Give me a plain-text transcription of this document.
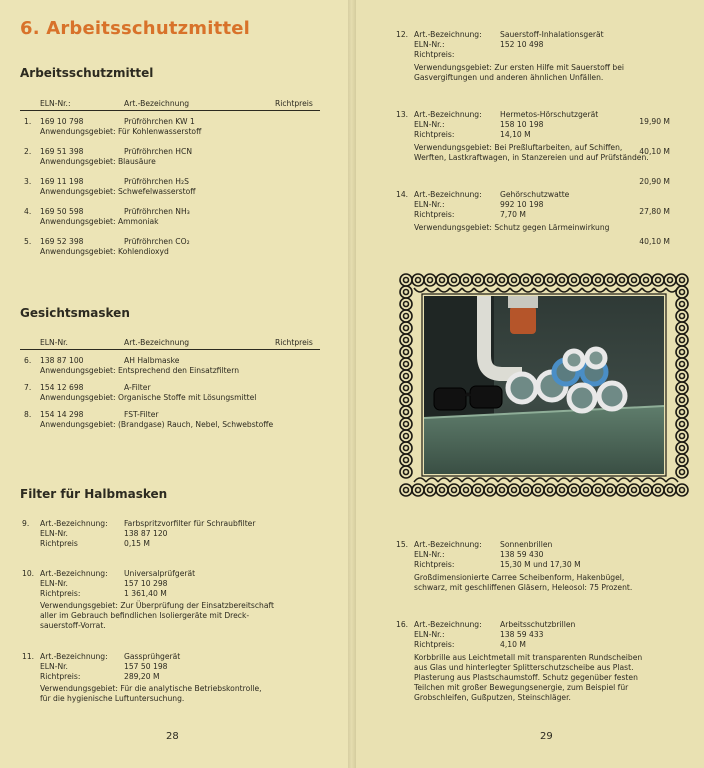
6. Arbeitsschutzmittel
Arbeitsschutzmittel
ELN-Nr.:	Art.-Bezeichnung	Richtpreis
1. 169 10 798	Prüfröhrchen KW 1	19,90 M
Anwendungsgebiet: Für Kohlenwasserstoff
2. 169 51 398	Prüfröhrchen HCN	40,10 M
Anwendungsgebiet: Blausäure
3. 169 11 198	Prüfröhrchen H₂S	20,90 M
Anwendungsgebiet: Schwefelwasserstoff
4. 169 50 598	Prüfröhrchen NH₃	27,80 M
Anwendungsgebiet: Ammoniak
5. 169 52 398	Prüfröhrchen CO₂	40,10 M
Anwendungsgebiet: Kohlendioxyd
Gesichtsmasken
ELN-Nr.	Art.-Bezeichnung	Richtpreis
6. 138 87 100	AH Halbmaske
Anwendungsgebiet: Entsprechend den Einsatzfiltern
7. 154 12 698	A-Filter
Anwendungsgebiet: Organische Stoffe mit Lösungsmittel
8. 154 14 298	FST-Filter
Anwendungsgebiet: (Brandgase) Rauch, Nebel, Schwebstoffe
Filter für Halbmasken
9. Art.-Bezeichnung: Farbspritzvorfilter für Schraubfilter
ELN-Nr.	138 87 120
Richtpreis	0,15 M
10. Art.-Bezeichnung: Universalprüfgerät
ELN-Nr.	157 10 298
Richtpreis:	1 361,40 M
Verwendungsgebiet: Zur Überprüfung der Einsatzbereitschaft
aller im Gebrauch befindlichen Isoliergeräte mit Dreck-
sauerstoff-Vorrat.
11. Art.-Bezeichnung: Gassprühgerät
ELN-Nr.	157 50 198
Richtpreis:	289,20 M
Verwendungsgebiet: Für die analytische Betriebskontrolle,
für die hygienische Luftuntersuchung.
28
12. Art.-Bezeichnung: Sauerstoff-Inhalationsgerät
ELN-Nr.:	152 10 498
Richtpreis:
Verwendungsgebiet: Zur ersten Hilfe mit Sauerstoff bei
Gasvergiftungen und anderen ähnlichen Unfällen.
13. Art.-Bezeichnung: Hermetos-Hörschutzgerät
ELN-Nr.:	158 10 198
Richtpreis:	14,10 M
Verwendungsgebiet: Bei Preßluftarbeiten, auf Schiffen,
Werften, Lastkraftwagen, in Stanzereien und auf Prüfständen.
14. Art.-Bezeichnung: Gehörschutzwatte
ELN-Nr.:	992 10 198
Richtpreis:	7,70 M
Verwendungsgebiet: Schutz gegen Lärmeinwirkung
15. Art.-Bezeichnung: Sonnenbrillen
ELN-Nr.:	138 59 430
Richtpreis:	15,30 M und 17,30 M
Großdimensionierte Carree Scheibenform, Hakenbügel,
schwarz, mit geschliffenen Gläsern, Heleosol: 75 Prozent.
16. Art.-Bezeichnung: Arbeitsschutzbrillen
ELN-Nr.:	138 59 433
Richtpreis:	4,10 M
Korbbrille aus Leichtmetall mit transparenten Rundscheiben
aus Glas und hinterlegter Splitterschutzscheibe aus Plast.
Plasterung aus Plastschaumstoff. Schutz gegenüber festen
Teilchen mit großer Bewegungsenergie, zum Beispiel für
Grobschleifen, Gußputzen, Steinschläger.
29
